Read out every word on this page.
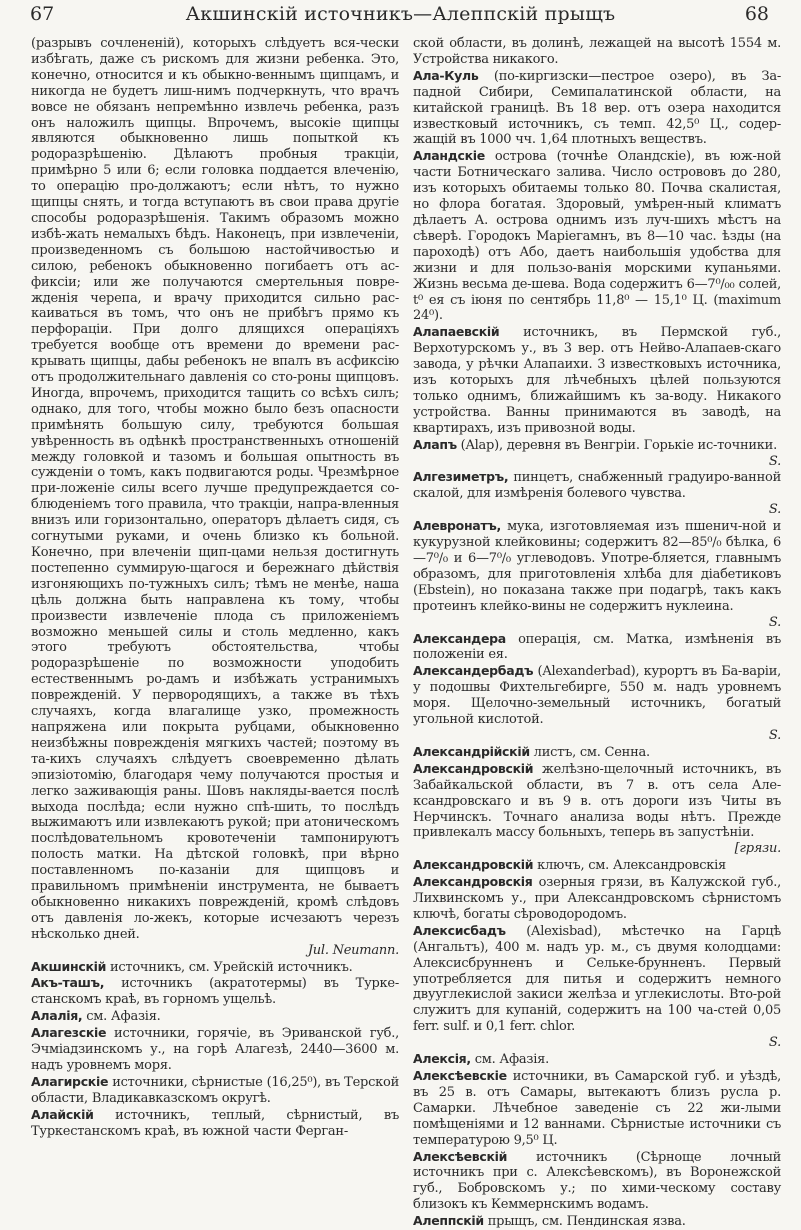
67	Акшинскій источникъ—Алеппскій прыщъ	68

(разрывъ сочлененій), которыхъ слѣдуетъ вся-чески избѣгать, даже съ рискомъ для жизни ребенка. Это, конечно, относится и къ обыкно-веннымъ щипцамъ, и никогда не будетъ лиш-нимъ подчеркнуть, что врачъ вовсе не обязанъ непремѣнно извлечь ребенка, разъ онъ наложилъ щипцы. Впрочемъ, высокіе щипцы являются обыкновенно лишь попыткой къ родоразрѣшенію. Дѣлаютъ пробныя тракціи, примѣрно 5 или 6; если головка поддается влеченію, то операцію про-должаютъ; если нѣтъ, то нужно щипцы снять, и тогда вступаютъ въ свои права другіе способы родоразрѣшенія. Такимъ образомъ можно избѣ-жать немалыхъ бѣдъ. Наконецъ, при извлеченіи, произведенномъ съ большою настойчивостью и силою, ребенокъ обыкновенно погибаетъ отъ ас-фиксіи; или же получаются смертельныя повре-жденія черепа, и врачу приходится сильно рас-каиваться въ томъ, что онъ не прибѣгъ прямо къ перфораціи. При долго длящихся операціяхъ требуется вообще отъ времени до времени рас-крывать щипцы, дабы ребенокъ не впалъ въ асфиксію отъ продолжительнаго давленія со сто-роны щипцовъ. Иногда, впрочемъ, приходится тащить со всѣхъ силъ; однако, для того, чтобы можно было безъ опасности примѣнять большую силу, требуются большая увѣренность въ одѣнкѣ пространственныхъ отношеній между головкой и тазомъ и большая опытность въ сужденіи о томъ, какъ подвигаются роды. Чрезмѣрное при-ложеніе силы всего лучше предупреждается со-блюденіемъ того правила, что тракціи, напра-вленныя внизъ или горизонтально, операторъ дѣлаетъ сидя, съ согнутыми руками, и очень близко къ больной. Конечно, при влеченіи щип-цами нельзя достигнуть постепенно суммирую-щагося и бережнаго дѣйствія изгоняющихъ по-тужныхъ силъ; тѣмъ не менѣе, наша цѣль должна быть направлена къ тому, чтобы произвести извлеченіе плода съ приложеніемъ возможно меньшей силы и столь медленно, какъ этого требуютъ обстоятельства, чтобы родоразрѣшеніе по возможности уподобить естественнымъ ро-дамъ и избѣжать устранимыхъ поврежденій. У первородящихъ, а также въ тѣхъ случаяхъ, когда влагалище узко, промежность напряжена или покрыта рубцами, обыкновенно неизбѣжны поврежденія мягкихъ частей; поэтому въ та-кихъ случаяхъ слѣдуетъ своевременно дѣлать эпизіотомію, благодаря чему получаются простыя и легко заживающія раны. Шовъ накляды-вается послѣ выхода послѣда; если нужно спѣ-шить, то послѣдъ выжимаютъ или извлекаютъ рукой; при атоническомъ послѣдовательномъ кровотеченіи тампонируютъ полость матки. На дѣтской головкѣ, при вѣрно поставленномъ по-казаніи для щипцовъ и правильномъ примѣненіи инструмента, не бываетъ обыкновенно никакихъ поврежденій, кромѣ слѣдовъ отъ давленія ло-жекъ, которые исчезаютъ черезъ нѣсколько дней.
Jul. Neumann.

Акшинскій источникъ, см. Урейскій источникъ.

Акъ-ташъ, источникъ (акратотермы) въ Турке-станскомъ краѣ, въ горномъ ущельѣ.

Алалія, см. Афазія.

Алагезскіе источники, горячіе, въ Эриванской губ., Эчміадзинскомъ у., на горѣ Алагезѣ, 2440—3600 м. надъ уровнемъ моря.

Алагирскіе источники, сѣрнистые (16,25⁰), въ Терской области, Владикавказскомъ округѣ.

Алайскій источникъ, теплый, сѣрнистый, въ Туркестанскомъ краѣ, въ южной части Ферган-

ской области, въ долинѣ, лежащей на высотѣ 1554 м. Устройства никакого.

Ала-Куль (по-киргизски—пестрое озеро), въ За-падной Сибири, Семипалатинской области, на китайской границѣ. Въ 18 вер. отъ озера находится известковый источникъ, съ темп. 42,5⁰ Ц., содер-жащій въ 1000 чч. 1,64 плотныхъ веществъ.

Аландскіе острова (точнѣе Оландскіе), въ юж-ной части Ботническаго залива. Число острововъ до 280, изъ которыхъ обитаемы только 80. Почва скалистая, но флора богатая. Здоровый, умѣрен-ный климатъ дѣлаетъ А. острова однимъ изъ луч-шихъ мѣстъ на сѣверѣ. Городокъ Маріегамнъ, въ 8—10 час. ѣзды (на пароходѣ) отъ Або, даетъ наибольшія удобства для жизни и для пользо-ванія морскими купаньями. Жизнь весьма де-шева. Вода содержитъ 6—7⁰/₀₀ солей, t⁰ ея съ іюня по сентябрь 11,8⁰ — 15,1⁰ Ц. (maximum 24⁰).

Алапаевскій источникъ, въ Пермской губ., Верхотурскомъ у., въ 3 вер. отъ Нейво-Алапаев-скаго завода, у рѣчки Алапаихи. 3 известковыхъ источника, изъ которыхъ для лѣчебныхъ цѣлей пользуются только однимъ, ближайшимъ къ за-воду. Никакого устройства. Ванны принимаются въ заводѣ, на квартирахъ, изъ привозной воды.

Алапъ (Alap), деревня въ Венгріи. Горькіе ис-точники.
S.

Алгезиметръ, пинцетъ, снабженный градуиро-ванной скалой, для измѣренія болевого чувства.
S.

Алевронатъ, мука, изготовляемая изъ пшенич-ной и кукурузной клейковины; содержитъ 82—85⁰/₀ бѣлка, 6—7⁰/₀ и 6—7⁰/₀ углеводовъ. Употре-бляется, главнымъ образомъ, для приготовленія хлѣба для діабетиковъ (Ebstein), но показана также при подагрѣ, такъ какъ протеинъ клейко-вины не содержитъ нуклеина.
S.

Александера операція, см. Матка, измѣненія въ положеніи ея.

Александербадъ (Alexanderbad), курортъ въ Ба-варіи, у подошвы Фихтельгебирге, 550 м. надъ уровнемъ моря. Щелочно-земельный источникъ, богатый угольной кислотой.
S.

Александрійскій листъ, см. Сенна.

Александровскій желѣзно-щелочный источникъ, въ Забайкальской области, въ 7 в. отъ села Але-ксандровскаго и въ 9 в. отъ дороги изъ Читы въ Нерчинскъ. Точнаго анализа воды нѣтъ. Прежде привлекалъ массу больныхъ, теперь въ запустѣніи.
[грязи.

Александровскій ключъ, см. Александровскія

Александровскія озерныя грязи, въ Калужской губ., Лихвинскомъ у., при Александровскомъ сѣрнистомъ ключѣ, богаты сѣроводородомъ.

Алексисбадъ (Alexisbad), мѣстечко на Гарцѣ (Ангальтъ), 400 м. надъ ур. м., съ двумя колодцами: Алексисбрунненъ и Сельке-брунненъ. Первый употребляется для питья и содержитъ немного двууглекислой закиси желѣза и углекислоты. Вто-рой служитъ для купаній, содержитъ на 100 ча-стей 0,05 ferr. sulf. и 0,1 ferr. chlor.
S.

Алексія, см. Афазія.

Алексѣевскіе источники, въ Самарской губ. и уѣздѣ, въ 25 в. отъ Самары, вытекаютъ близъ русла р. Самарки. Лѣчебное заведеніе съ 22 жи-лыми помѣщеніями и 12 ваннами. Сѣрнистые источники съ температурою 9,5⁰ Ц.

Алексѣевскій источникъ (Сѣрноще лочный источникъ при с. Алексѣевскомъ), въ Воронежской губ., Бобровскомъ у.; по хими-ческому составу близокъ къ Кеммернскимъ водамъ.

Алеппскій прыщъ, см. Пендинская язва.
